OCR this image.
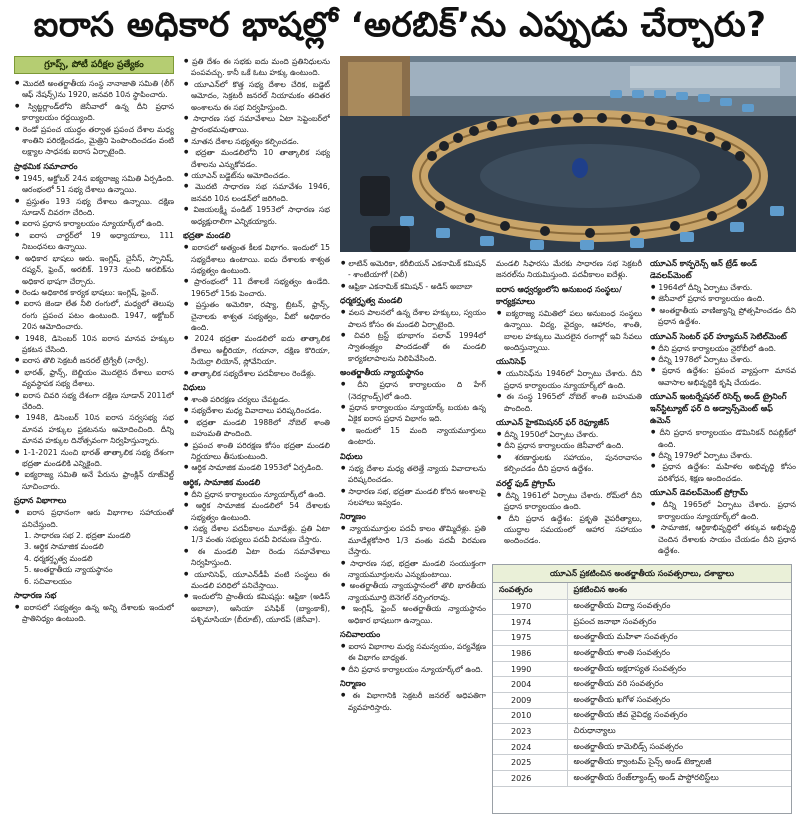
ఐరాస అధికార భాషల్లో ‘అరబిక్’ను ఎప్పుడు చేర్చారు?
గ్రూప్స్, పోటీ పరీక్షల ప్రత్యేకం
● మొదటి అంతర్జాతీయ సంస్థ నానాజాతి సమితి (లీగ్ ఆఫ్ నేషన్స్)ను 1920, జనవరి 10న స్థాపించారు.
● స్విట్జర్లాండ్‌లోని జెనీవాలో ఉన్న దీని ప్రధాన కార్యాలయం రద్దయ్యింది.
● రెండో ప్రపంచ యుద్ధం తర్వాత ప్రపంచ దేశాల మధ్య శాంతిని పరిరక్షించడం, మైత్రిని పెంపొందించడం వంటి లక్ష్యాల సాధనకు ఐరాస ఏర్పాటైంది.
ప్రాథమిక సమాచారం
● 1945, అక్టోబర్ 24న ఐక్యరాజ్య సమితి ఏర్పడింది. ఆరంభంలో 51 సభ్య దేశాలు ఉన్నాయి.
● ప్రస్తుతం 193 సభ్య దేశాలు ఉన్నాయి. దక్షిణ సూడాన్ చివరగా చేరింది.
● ఐరాస ప్రధాన కార్యాలయం న్యూయార్క్‌లో ఉంది.
● ఐరాస చార్టర్‌లో 19 అధ్యాయాలు, 111 నిబంధనలు ఉన్నాయి.
● అధికార భాషలు ఆరు. ఇంగ్లిష్, చైనీస్, స్పానిష్, రష్యన్, ఫ్రెంచ్, అరబిక్. 1973 నుంచి అరబిక్‌ను అధికార భాషగా చేర్చారు.
● రెండు అధికారిక కార్యక భాషలు: ఇంగ్లిష్, ఫ్రెంచ్.
● ఐరాస జెండా లేత నీలి రంగులో, మధ్యలో తెలుపు రంగు ప్రపంచ పటం ఉంటుంది. 1947, అక్టోబర్ 20న ఆమోదించారు.
● 1948, డిసెంబర్ 10న ఐరాస మానవ హక్కుల ప్రకటన చేసింది.
● ఐరాస తొలి సెక్రటరీ జనరల్ ట్రిగ్వేలీ (నార్వే).
● భారత్, ఫ్రాన్స్, బెల్జియం మొదలైన దేశాలు ఐరాస వ్యవస్థాపక సభ్య దేశాలు.
● ఐరాస చివరి సభ్య దేశంగా దక్షిణ సూడాన్ 2011లో చేరింది.
● 1948, డిసెంబర్ 10న ఐరాస సర్వసభ్య సభ మానవ హక్కుల ప్రకటనను ఆమోదించింది. దీన్ని మానవ హక్కుల దినోత్సవంగా నిర్వహిస్తున్నారు.
● 1-1-2021 నుంచి భారత్ తాత్కాలిక సభ్య దేశంగా భద్రతా మండలికి ఎన్నికైంది.
● ఐక్యరాజ్య సమితి అనే పేరును ఫ్రాంక్లిన్ రూజ్‌వెల్ట్ సూచించారు.
ప్రధాన విభాగాలు
● ఐరాస ప్రధానంగా ఆరు విభాగాల సహాయంతో పనిచేస్తుంది.
1. సాధారణ సభ 2. భద్రతా మండలి
3. ఆర్థిక సామాజిక మండలి
4. ధర్మకర్తృత్వ మండలి
5. అంతర్జాతీయ న్యాయస్థానం
6. సచివాలయం
సాధారణ సభ
● ఐరాసలో సభ్యత్వం ఉన్న అన్ని దేశాలకు ఇందులో ప్రాతినిధ్యం ఉంటుంది.
● ప్రతి దేశం ఈ సభకు ఐదు మంది ప్రతినిధులను పంపవచ్చు. కానీ ఒకే ఓటు హక్కు ఉంటుంది.
● యూఎన్‌లో కొత్త సభ్య దేశాల చేరిక, బడ్జెట్ ఆమోదం, సెక్రటరీ జనరల్ నియామకం తదితర అంశాలను ఈ సభ నిర్వహిస్తుంది.
● సాధారణ సభ సమావేశాలు ఏటా సెప్టెంబర్‌లో ప్రారంభమవుతాయి.
● నూతన దేశాల సభ్యత్వం కల్పించడం.
● భద్రతా మండలిలోని 10 తాత్కాలిక సభ్య దేశాలను ఎన్నుకోవడం.
● యూఎన్ బడ్జెట్‌ను ఆమోదించడం.
● మొదటి సాధారణ సభ సమావేశం 1946, జనవరి 10న లండన్‌లో జరిగింది.
● విజయలక్ష్మీ పండిట్ 1953లో సాధారణ సభ అధ్యక్షురాలిగా ఎన్నికయ్యారు.
భద్రతా మండలి
● ఐరాసలో అత్యంత కీలక విభాగం. ఇందులో 15 సభ్యదేశాలు ఉంటాయి. ఐదు దేశాలకు శాశ్వత సభ్యత్వం ఉంటుంది.
● ప్రారంభంలో 11 దేశాలకే సభ్యత్వం ఉండేది. 1965లో 15కు పెంచారు.
● ప్రస్తుతం అమెరికా, రష్యా, బ్రిటన్, ఫ్రాన్స్, చైనాలకు శాశ్వత సభ్యత్వం, వీటో అధికారం ఉంది.
● 2024 భద్రతా మండలిలో ఐదు తాత్కాలిక దేశాలు అల్జీరియా, గయానా, దక్షిణ కొరియా, సియెర్రా లియోన్, స్లోవేనియా.
● తాత్కాలిక సభ్యదేశాల పదవీకాలం రెండేళ్లు.
విధులు
● శాంతి పరిరక్షణ చర్యలు చేపట్టడం.
● సభ్యదేశాల మధ్య వివాదాలు పరిష్కరించడం.
● భద్రతా మండలి 1988లో నోబెల్ శాంతి బహుమతి పొందింది.
● ప్రపంచ శాంతి పరిరక్షణ కోసం భద్రతా మండలి నిర్ణయాలు తీసుకుంటుంది.
● ఆర్థిక సామాజిక మండలి 1953లో ఏర్పడింది.
ఆర్థిక, సామాజిక మండలి
● దీని ప్రధాన కార్యాలయం న్యూయార్క్‌లో ఉంది.
● ఆర్థిక సామాజిక మండలిలో 54 దేశాలకు సభ్యత్వం ఉంటుంది.
● సభ్య దేశాల పదవీకాలం మూడేళ్లు. ప్రతి ఏటా 1/3 వంతు సభ్యులు పదవీ విరమణ చేస్తారు.
● ఈ మండలి ఏటా రెండు సమావేశాలు నిర్వహిస్తుంది.
● యూనిసెఫ్, యూఎన్‌డీపీ వంటి సంస్థలు ఈ మండలి పరిధిలో పనిచేస్తాయి.
● ఇందులోని ప్రాంతీయ కమిషన్లు: ఆఫ్రికా (అడిస్ అబాబా), ఆసియా పసిఫిక్ (బ్యాంకాక్), పశ్చిమాసియా (బీరూట్), యూరప్ (జెనీవా).
● లాటిన్ అమెరికా, కరీబియన్ ఎకనామిక్ కమిషన్ - శాంటియాగో (చిలీ)
● ఆఫ్రికా ఎకనామిక్ కమిషన్ - అడిస్ అబాబా
ధర్మకర్తృత్వ మండలి
● వలస పాలనలో ఉన్న దేశాల హక్కులు, స్వయం పాలన కోసం ఈ మండలి ఏర్పాటైంది.
● చివరి ట్రస్ట్ భూభాగం పలావ్ 1994లో స్వాతంత్ర్యం పొందడంతో ఈ మండలి కార్యకలాపాలను నిలిపివేసింది.
అంతర్జాతీయ న్యాయస్థానం
● దీని ప్రధాన కార్యాలయం ది హేగ్ (నెదర్లాండ్స్)లో ఉంది.
● ప్రధాన కార్యాలయం న్యూయార్క్ బయట ఉన్న ఏకైక ఐరాస ప్రధాన విభాగం ఇది.
● ఇందులో 15 మంది న్యాయమూర్తులు ఉంటారు.
విధులు
● సభ్య దేశాల మధ్య తలెత్తే న్యాయ వివాదాలను పరిష్కరించడం.
● సాధారణ సభ, భద్రతా మండలి కోరిన అంశాలపై సలహాలు ఇవ్వడం.
నిర్మాణం
● న్యాయమూర్తుల పదవీ కాలం తొమ్మిదేళ్లు. ప్రతి మూడేళ్లకోసారి 1/3 వంతు పదవీ విరమణ చేస్తారు.
● సాధారణ సభ, భద్రతా మండలి సంయుక్తంగా న్యాయమూర్తులను ఎన్నుకుంటాయి.
● అంతర్జాతీయ న్యాయస్థానంలో తొలి భారతీయ న్యాయమూర్తి బెనెగల్ నర్సింగరావు.
● ఇంగ్లిష్, ఫ్రెంచ్ అంతర్జాతీయ న్యాయస్థానం అధికార భాషలుగా ఉన్నాయి.
సచివాలయం
● ఐరాస విభాగాల మధ్య సమన్వయం, పర్యవేక్షణ ఈ విభాగం బాధ్యత.
● దీని ప్రధాన కార్యాలయం న్యూయార్క్‌లో ఉంది.
నిర్మాణం
● ఈ విభాగానికి సెక్రటరీ జనరల్ అధిపతిగా వ్యవహరిస్తారు.
మండలి సిఫారసు మేరకు సాధారణ సభ సెక్రటరీ జనరల్‌ను నియమిస్తుంది. పదవీకాలం ఐదేళ్లు.
ఐరాస ఆధ్వర్యంలోని అనుబంధ సంస్థలు/కార్యక్రమాలు
● ఐక్యరాజ్య సమితిలో పలు అనుబంధ సంస్థలు ఉన్నాయి. విద్య, వైద్యం, ఆహారం, శాంతి, బాలల హక్కులు మొదలైన రంగాల్లో ఇవి సేవలు అందిస్తున్నాయి.
యునిసెఫ్
● యునిసెఫ్‌ను 1946లో ఏర్పాటు చేశారు. దీని ప్రధాన కార్యాలయం న్యూయార్క్‌లో ఉంది.
● ఈ సంస్థ 1965లో నోబెల్ శాంతి బహుమతి పొందింది.
యూఎన్ హైకమిషనర్ ఫర్ రెఫ్యూజీస్
● దీన్ని 1950లో ఏర్పాటు చేశారు.
● దీని ప్రధాన కార్యాలయం జెనీవాలో ఉంది.
● శరణార్థులకు సహాయం, పునరావాసం కల్పించడం దీని ప్రధాన ఉద్దేశం.
వరల్డ్ ఫుడ్ ప్రోగ్రామ్
● దీన్ని 1961లో ఏర్పాటు చేశారు. రోమ్‌లో దీని ప్రధాన కార్యాలయం ఉంది.
● దీని ప్రధాన ఉద్దేశం: ప్రకృతి వైపరీత్యాలు, యుద్ధాల సమయంలో ఆహార సహాయం అందించడం.
యూఎన్ కాన్ఫరెన్స్ ఆన్ ట్రేడ్ అండ్ డెవలప్‌మెంట్
● 1964లో దీన్ని ఏర్పాటు చేశారు.
● జెనీవాలో ప్రధాన కార్యాలయం ఉంది.
● అంతర్జాతీయ వాణిజ్యాన్ని ప్రోత్సహించడం దీని ప్రధాన ఉద్దేశం.
యూఎన్ సెంటర్ ఫర్ హ్యూమన్ సెటిల్‌మెంట్
● దీని ప్రధాన కార్యాలయం నైరోబీలో ఉంది.
● దీన్ని 1978లో ఏర్పాటు చేశారు.
● ప్రధాన ఉద్దేశం: ప్రపంచ వ్యాప్తంగా మానవ ఆవాసాల అభివృద్ధికి కృషి చేయడం.
యూఎన్ ఇంటర్నేషనల్ రిసెర్చ్ అండ్ ట్రైనింగ్ ఇన్‌స్టిట్యూట్ ఫర్ ది అడ్వాన్స్‌మెంట్ ఆఫ్ ఉమెన్
● దీని ప్రధాన కార్యాలయం డొమినికన్ రిపబ్లిక్‌లో ఉంది.
● దీన్ని 1979లో ఏర్పాటు చేశారు.
● ప్రధాన ఉద్దేశం: మహిళల అభివృద్ధి కోసం పరిశోధన, శిక్షణ అందించడం.
యూఎన్ డెవలప్‌మెంట్ ప్రోగ్రామ్
● దీన్ని 1965లో ఏర్పాటు చేశారు. ప్రధాన కార్యాలయం న్యూయార్క్‌లో ఉంది.
● సామాజిక, ఆర్థికాభివృద్ధిలో తక్కువ అభివృద్ధి చెందిన దేశాలకు సాయం చేయడం దీని ప్రధాన ఉద్దేశం.
యూఎన్‌ ప్రకటించిన అంతర్జాతీయ సంవత్సరాలు, దశాబ్దాలు
సంవత్సరం	ప్రకటించిన అంశం
1970	అంతర్జాతీయ విద్యా సంవత్సరం
1974	ప్రపంచ జనాభా సంవత్సరం
1975	అంతర్జాతీయ మహిళా సంవత్సరం
1986	అంతర్జాతీయ శాంతి సంవత్సరం
1990	అంతర్జాతీయ అక్షరాస్యత సంవత్సరం
2004	అంతర్జాతీయ వరి సంవత్సరం
2009	అంతర్జాతీయ ఖగోళ సంవత్సరం
2010	అంతర్జాతీయ జీవ వైవిధ్య సంవత్సరం
2023	చిరుధాన్యాలు
2024	అంతర్జాతీయ కామెలిడ్స్ సంవత్సరం
2025	అంతర్జాతీయ క్వాంటమ్ సైన్స్ అండ్ టెక్నాలజీ
2026	అంతర్జాతీయ రేంజ్‌ల్యాండ్స్ అండ్ పాస్టోరలిస్ట్‌లు
